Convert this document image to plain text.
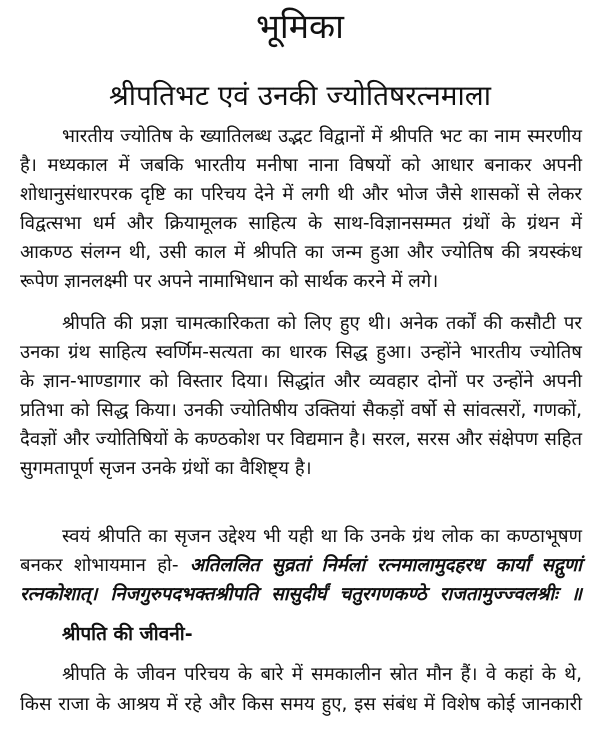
भूमिका
श्रीपतिभट एवं उनकी ज्योतिषरत्नमाला
भारतीय ज्योतिष के ख्यातिलब्ध उद्भट विद्वानों में श्रीपति भट का नाम स्मरणीय
है। मध्यकाल में जबकि भारतीय मनीषा नाना विषयों को आधार बनाकर अपनी
शोधानुसंधारपरक दृष्टि का परिचय देने में लगी थी और भोज जैसे शासकों से लेकर
विद्वत्सभा धर्म और क्रियामूलक साहित्य के साथ-विज्ञानसम्मत ग्रंथों के ग्रंथन में
आकण्ठ संलग्न थी, उसी काल में श्रीपति का जन्म हुआ और ज्योतिष की त्रयस्कंध
रूपेण ज्ञानलक्ष्मी पर अपने नामाभिधान को सार्थक करने में लगे।
श्रीपति की प्रज्ञा चामत्कारिकता को लिए हुए थी। अनेक तर्कों की कसौटी पर
उनका ग्रंथ साहित्य स्वर्णिम-सत्यता का धारक सिद्ध हुआ। उन्होंने भारतीय ज्योतिष
के ज्ञान-भाण्डागार को विस्तार दिया। सिद्धांत और व्यवहार दोनों पर उन्होंने अपनी
प्रतिभा को सिद्ध किया। उनकी ज्योतिषीय उक्तियां सैकड़ों वर्षो से सांवत्सरों, गणकों,
दैवज्ञों और ज्योतिषियों के कण्ठकोश पर विद्यमान है। सरल, सरस और संक्षेपण सहित
सुगमतापूर्ण सृजन उनके ग्रंथों का वैशिष्ट्य है।
स्वयं श्रीपति का सृजन उद्देश्य भी यही था कि उनके ग्रंथ लोक का कण्ठाभूषण
बनकर शोभायमान हो- अतिललित सुव्रतां निर्मलां रत्नमालामुदहरध कार्यां सद्गुणां
रत्नकोशात्। निजगुरुपदभक्तश्रीपति सासुदीर्घं चतुरगणकण्ठे राजतामुज्ज्वलश्रीः ॥
श्रीपति की जीवनी-
श्रीपति के जीवन परिचय के बारे में समकालीन स्रोत मौन हैं। वे कहां के थे,
किस राजा के आश्रय में रहे और किस समय हुए, इस संबंध में विशेष कोई जानकारी
